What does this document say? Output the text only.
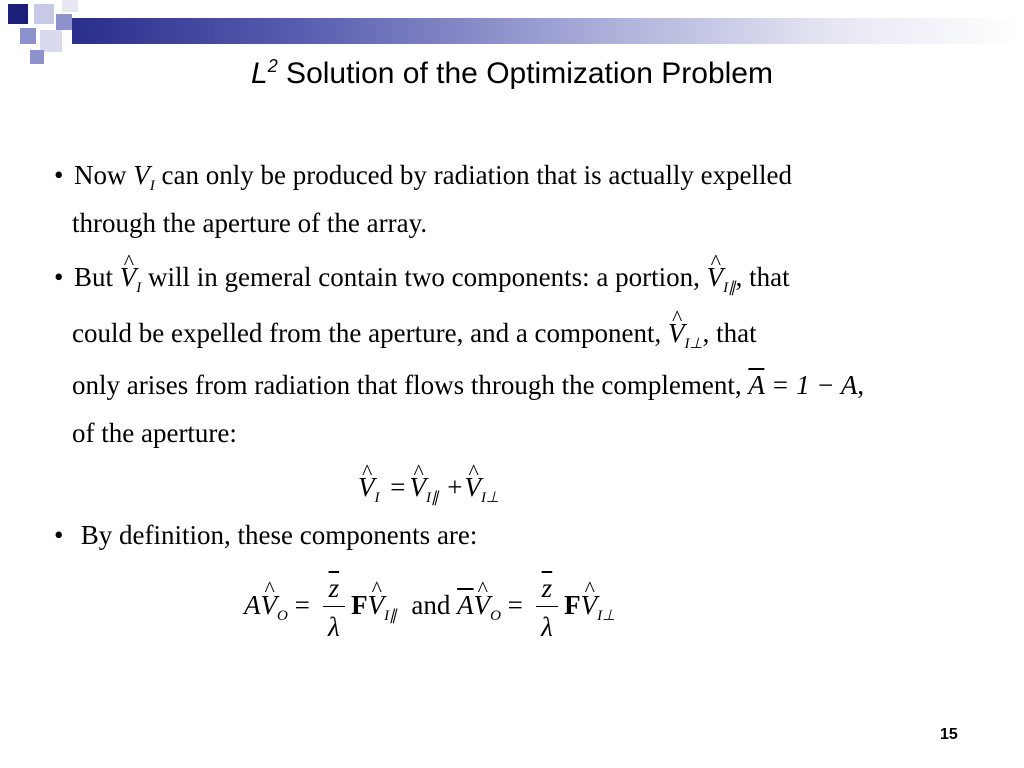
$L^2$ Solution of the Optimization Problem
• Now $V_I$ can only be produced by radiation that is actually expelled
through the aperture of the array.
• But ^ $V_I$ will in gemeral contain two components: a portion, ^ $V_{I\parallel}$, that
could be expelled from the aperture, and a component, ^ $V_{I\perp}$, that
only arises from radiation that flows through the complement, $\overline{A} = 1 - A$,
of the aperture:
^ $V_I$ = ^ $V_{I\parallel}$ +^ $V_{I\perp}$
• By definition, these components are:
A^ $V_O = \frac{\overline{z}}{\lambda}$ F^ $V_{I\parallel}$ and $\overline{A}\^{}$ $V_O = \frac{\overline{z}}{\lambda}$ F^ $V_{I\perp}$
15
